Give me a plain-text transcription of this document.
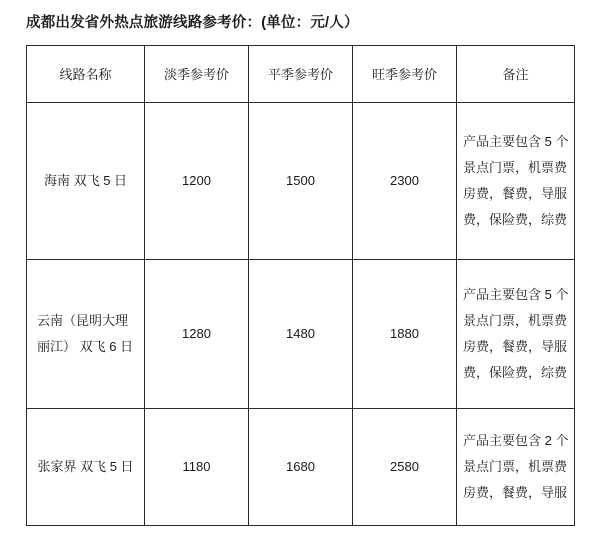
成都出发省外热点旅游线路参考价：(单位：元/人）
线路名称	淡季参考价	平季参考价	旺季参考价	备注
海南 双飞 5 日	1200	1500	2300	产品主要包含 5 个
景点门票，机票费
房费，餐费，导服
费，保险费，综费

云南（昆明大理 丽江） 双飞 6 日	1280	1480	1880	产品主要包含 5 个
景点门票，机票费
房费，餐费，导服
费，保险费，综费

张家界 双飞 5 日	1180	1680	2580	产品主要包含 2 个
景点门票，机票费
房费，餐费，导服
